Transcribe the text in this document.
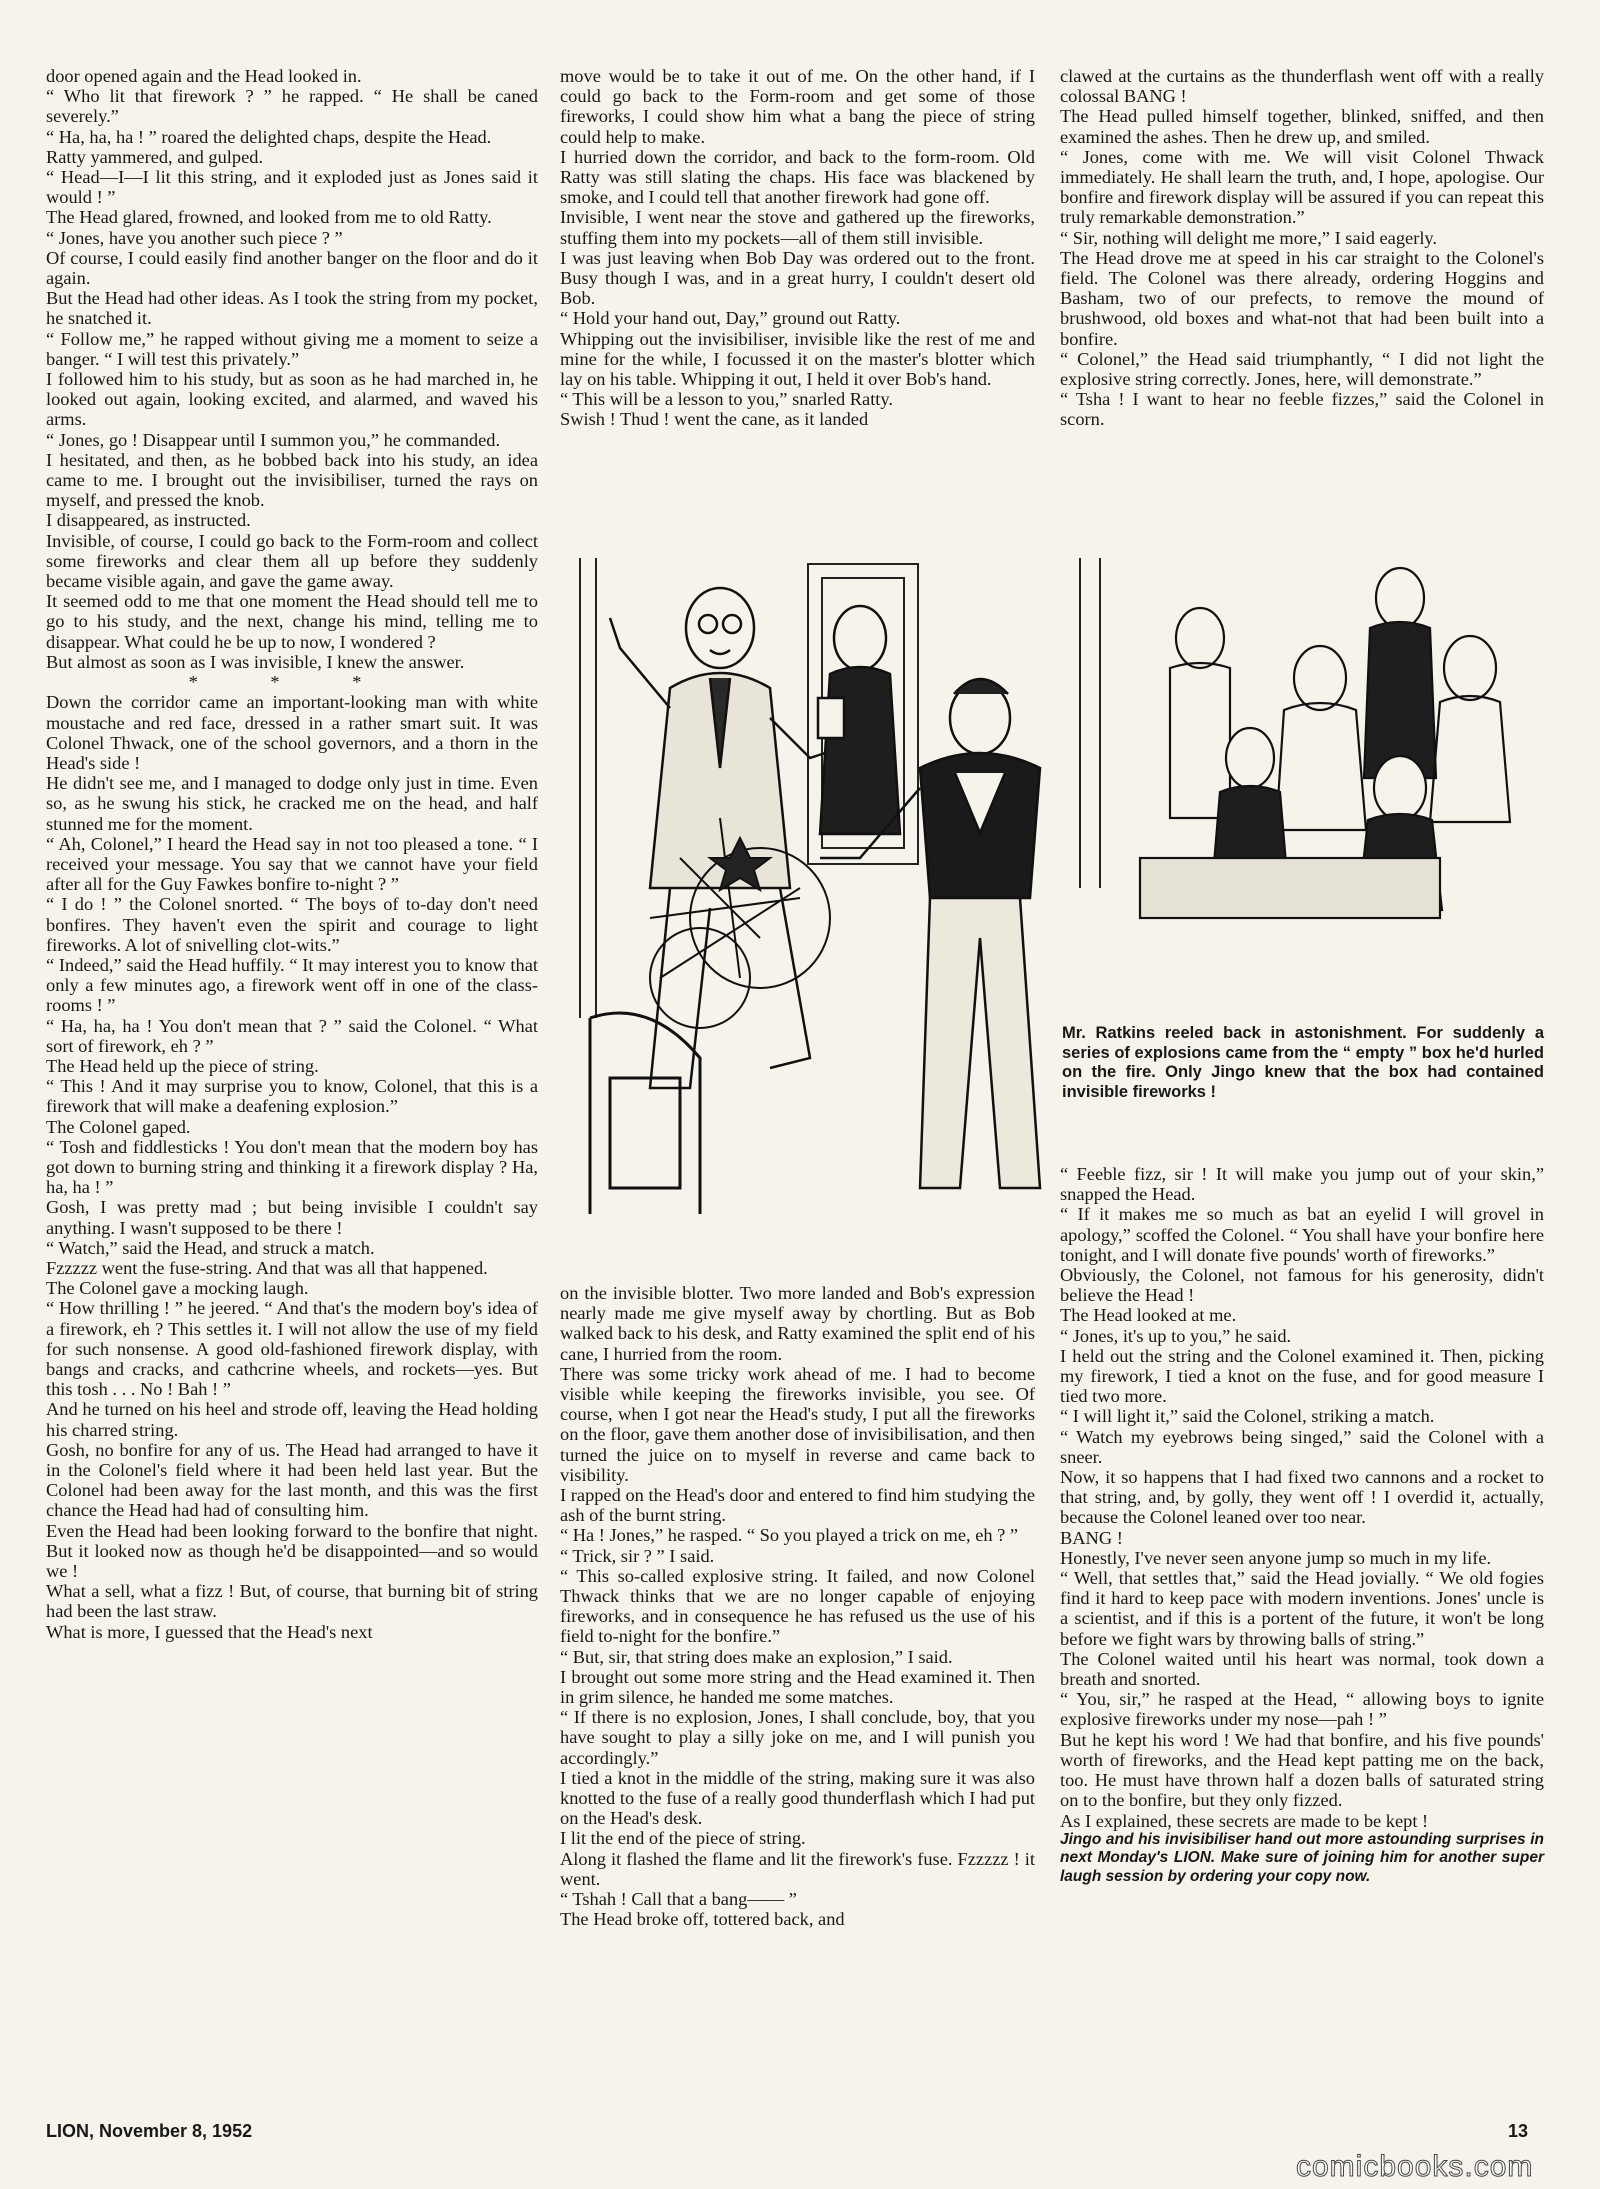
door opened again and the Head looked in.

“ Who lit that firework ? ” he rapped. “ He shall be caned severely.”

“ Ha, ha, ha ! ” roared the delighted chaps, despite the Head.

Ratty yammered, and gulped.

“ Head—I—I lit this string, and it exploded just as Jones said it would ! ”

The Head glared, frowned, and looked from me to old Ratty.

“ Jones, have you another such piece ? ”

Of course, I could easily find another banger on the floor and do it again.

But the Head had other ideas. As I took the string from my pocket, he snatched it.

“ Follow me,” he rapped without giving me a moment to seize a banger. “ I will test this privately.”

I followed him to his study, but as soon as he had marched in, he looked out again, looking excited, and alarmed, and waved his arms.

“ Jones, go ! Disappear until I summon you,” he commanded.

I hesitated, and then, as he bobbed back into his study, an idea came to me. I brought out the invisibiliser, turned the rays on myself, and pressed the knob.

I disappeared, as instructed.

Invisible, of course, I could go back to the Form-room and collect some fireworks and clear them all up before they suddenly became visible again, and gave the game away.

It seemed odd to me that one moment the Head should tell me to go to his study, and the next, change his mind, telling me to disappear. What could he be up to now, I wondered ?

But almost as soon as I was invisible, I knew the answer.

* * *

Down the corridor came an important-looking man with white moustache and red face, dressed in a rather smart suit. It was Colonel Thwack, one of the school governors, and a thorn in the Head's side !

He didn't see me, and I managed to dodge only just in time. Even so, as he swung his stick, he cracked me on the head, and half stunned me for the moment.

“ Ah, Colonel,” I heard the Head say in not too pleased a tone. “ I received your message. You say that we cannot have your field after all for the Guy Fawkes bonfire to-night ? ”

“ I do ! ” the Colonel snorted. “ The boys of to-day don't need bonfires. They haven't even the spirit and courage to light fireworks. A lot of snivelling clot-wits.”

“ Indeed,” said the Head huffily. “ It may interest you to know that only a few minutes ago, a firework went off in one of the class-rooms ! ”

“ Ha, ha, ha ! You don't mean that ? ” said the Colonel. “ What sort of firework, eh ? ”

The Head held up the piece of string.

“ This ! And it may surprise you to know, Colonel, that this is a firework that will make a deafening explosion.”

The Colonel gaped.

“ Tosh and fiddlesticks ! You don't mean that the modern boy has got down to burning string and thinking it a firework display ? Ha, ha, ha ! ”

Gosh, I was pretty mad ; but being invisible I couldn't say anything. I wasn't supposed to be there !

“ Watch,” said the Head, and struck a match.

Fzzzzz went the fuse-string. And that was all that happened.

The Colonel gave a mocking laugh.

“ How thrilling ! ” he jeered. “ And that's the modern boy's idea of a firework, eh ? This settles it. I will not allow the use of my field for such nonsense. A good old-fashioned firework display, with bangs and cracks, and cathcrine wheels, and rockets—yes. But this tosh . . . No ! Bah ! ”

And he turned on his heel and strode off, leaving the Head holding his charred string.

Gosh, no bonfire for any of us. The Head had arranged to have it in the Colonel's field where it had been held last year. But the Colonel had been away for the last month, and this was the first chance the Head had had of consulting him.

Even the Head had been looking forward to the bonfire that night. But it looked now as though he'd be disappointed—and so would we !

What a sell, what a fizz ! But, of course, that burning bit of string had been the last straw.

What is more, I guessed that the Head's next

move would be to take it out of me. On the other hand, if I could go back to the Form-room and get some of those fireworks, I could show him what a bang the piece of string could help to make.

I hurried down the corridor, and back to the form-room. Old Ratty was still slating the chaps. His face was blackened by smoke, and I could tell that another firework had gone off.

Invisible, I went near the stove and gathered up the fireworks, stuffing them into my pockets—all of them still invisible.

I was just leaving when Bob Day was ordered out to the front. Busy though I was, and in a great hurry, I couldn't desert old Bob.

“ Hold your hand out, Day,” ground out Ratty.

Whipping out the invisibiliser, invisible like the rest of me and mine for the while, I focussed it on the master's blotter which lay on his table. Whipping it out, I held it over Bob's hand.

“ This will be a lesson to you,” snarled Ratty.

Swish ! Thud ! went the cane, as it landed

clawed at the curtains as the thunderflash went off with a really colossal BANG !

The Head pulled himself together, blinked, sniffed, and then examined the ashes. Then he drew up, and smiled.

“ Jones, come with me. We will visit Colonel Thwack immediately. He shall learn the truth, and, I hope, apologise. Our bonfire and firework display will be assured if you can repeat this truly remarkable demonstration.”

“ Sir, nothing will delight me more,” I said eagerly.

The Head drove me at speed in his car straight to the Colonel's field. The Colonel was there already, ordering Hoggins and Basham, two of our prefects, to remove the mound of brushwood, old boxes and what-not that had been built into a bonfire.

“ Colonel,” the Head said triumphantly, “ I did not light the explosive string correctly. Jones, here, will demonstrate.”

“ Tsha ! I want to hear no feeble fizzes,” said the Colonel in scorn.

Mr. Ratkins reeled back in astonishment. For suddenly a series of explosions came from the “ empty ” box he'd hurled on the fire. Only Jingo knew that the box had contained invisible fireworks !

on the invisible blotter. Two more landed and Bob's expression nearly made me give myself away by chortling. But as Bob walked back to his desk, and Ratty examined the split end of his cane, I hurried from the room.

There was some tricky work ahead of me. I had to become visible while keeping the fireworks invisible, you see. Of course, when I got near the Head's study, I put all the fireworks on the floor, gave them another dose of invisibilisation, and then turned the juice on to myself in reverse and came back to visibility.

I rapped on the Head's door and entered to find him studying the ash of the burnt string.

“ Ha ! Jones,” he rasped. “ So you played a trick on me, eh ? ”

“ Trick, sir ? ” I said.

“ This so-called explosive string. It failed, and now Colonel Thwack thinks that we are no longer capable of enjoying fireworks, and in consequence he has refused us the use of his field to-night for the bonfire.”

“ But, sir, that string does make an explosion,” I said.

I brought out some more string and the Head examined it. Then in grim silence, he handed me some matches.

“ If there is no explosion, Jones, I shall conclude, boy, that you have sought to play a silly joke on me, and I will punish you accordingly.”

I tied a knot in the middle of the string, making sure it was also knotted to the fuse of a really good thunderflash which I had put on the Head's desk.

I lit the end of the piece of string.

Along it flashed the flame and lit the firework's fuse. Fzzzzz ! it went.

“ Tshah ! Call that a bang—— ”

The Head broke off, tottered back, and

“ Feeble fizz, sir ! It will make you jump out of your skin,” snapped the Head.

“ If it makes me so much as bat an eyelid I will grovel in apology,” scoffed the Colonel. “ You shall have your bonfire here tonight, and I will donate five pounds' worth of fireworks.”

Obviously, the Colonel, not famous for his generosity, didn't believe the Head !

The Head looked at me.

“ Jones, it's up to you,” he said.

I held out the string and the Colonel examined it. Then, picking my firework, I tied a knot on the fuse, and for good measure I tied two more.

“ I will light it,” said the Colonel, striking a match.

“ Watch my eyebrows being singed,” said the Colonel with a sneer.

Now, it so happens that I had fixed two cannons and a rocket to that string, and, by golly, they went off ! I overdid it, actually, because the Colonel leaned over too near.

BANG !

Honestly, I've never seen anyone jump so much in my life.

“ Well, that settles that,” said the Head jovially. “ We old fogies find it hard to keep pace with modern inventions. Jones' uncle is a scientist, and if this is a portent of the future, it won't be long before we fight wars by throwing balls of string.”

The Colonel waited until his heart was normal, took down a breath and snorted.

“ You, sir,” he rasped at the Head, “ allowing boys to ignite explosive fireworks under my nose—pah ! ”

But he kept his word ! We had that bonfire, and his five pounds' worth of fireworks, and the Head kept patting me on the back, too. He must have thrown half a dozen balls of saturated string on to the bonfire, but they only fizzed.

As I explained, these secrets are made to be kept !

Jingo and his invisibiliser hand out more astounding surprises in next Monday's LION. Make sure of joining him for another super laugh session by ordering your copy now.

LION, November 8, 1952	13
comicbooks.com
